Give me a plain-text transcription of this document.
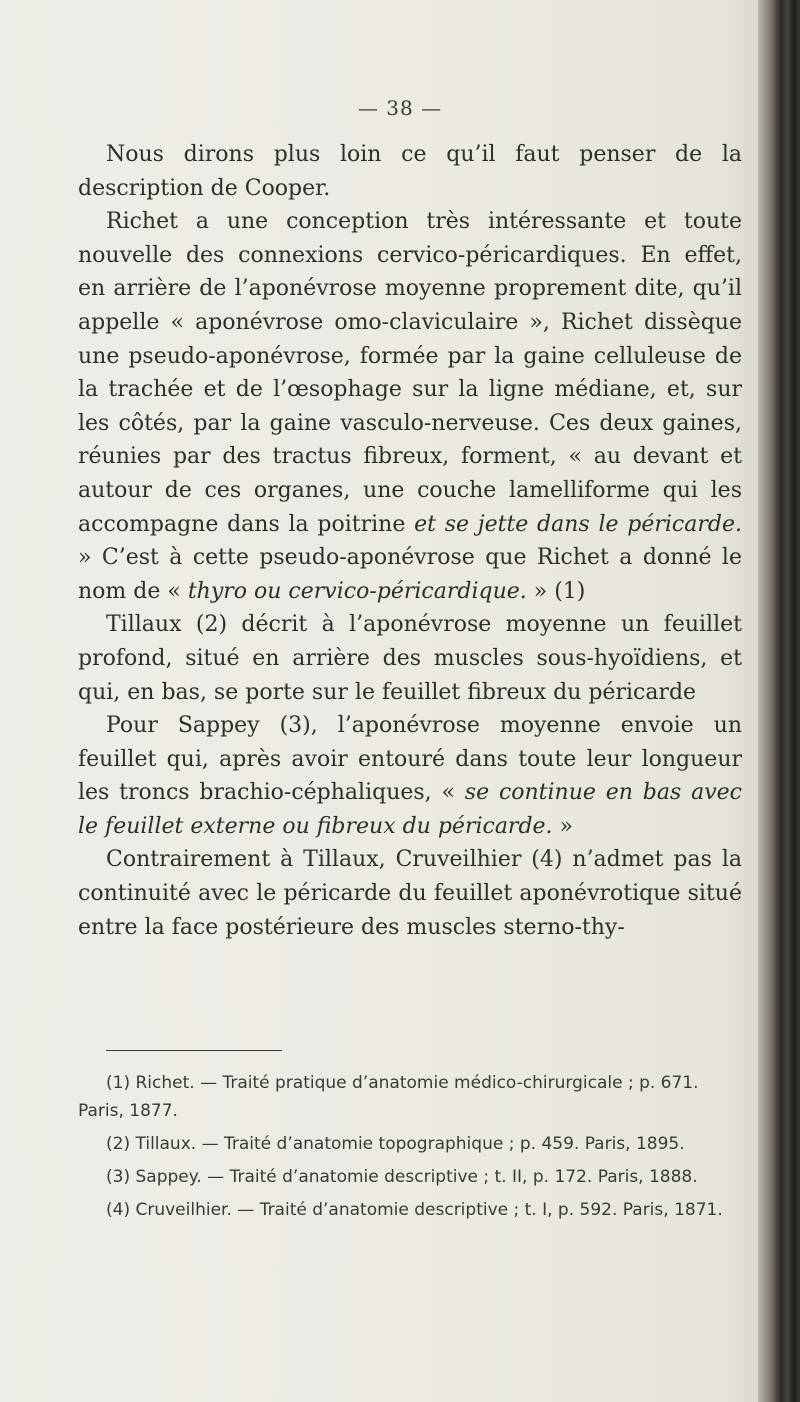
— 38 —

Nous dirons plus loin ce qu’il faut penser de la description de Cooper.

Richet a une conception très intéressante et toute nouvelle des connexions cervico-péricardiques. En effet, en arrière de l’aponévrose moyenne proprement dite, qu’il appelle « aponévrose omo-claviculaire », Richet dissèque une pseudo-aponévrose, formée par la gaine celluleuse de la trachée et de l’œsophage sur la ligne médiane, et, sur les côtés, par la gaine vasculo-nerveuse. Ces deux gaines, réunies par des tractus fibreux, forment, « au devant et autour de ces organes, une couche lamelliforme qui les accompagne dans la poitrine et se jette dans le péricarde. » C’est à cette pseudo-aponévrose que Richet a donné le nom de « thyro ou cervico-péricardique. » (1)

Tillaux (2) décrit à l’aponévrose moyenne un feuillet profond, situé en arrière des muscles sous-hyoïdiens, et qui, en bas, se porte sur le feuillet fibreux du péricarde

Pour Sappey (3), l’aponévrose moyenne envoie un feuillet qui, après avoir entouré dans toute leur longueur les troncs brachio-céphaliques, « se continue en bas avec le feuillet externe ou fibreux du péricarde. »

Contrairement à Tillaux, Cruveilhier (4) n’admet pas la continuité avec le péricarde du feuillet aponévrotique situé entre la face postérieure des muscles sterno-thy-

(1) Richet. — Traité pratique d’anatomie médico-chirurgicale ; p. 671. Paris, 1877.

(2) Tillaux. — Traité d’anatomie topographique ; p. 459. Paris, 1895.

(3) Sappey. — Traité d’anatomie descriptive ; t. II, p. 172. Paris, 1888.

(4) Cruveilhier. — Traité d’anatomie descriptive ; t. I, p. 592. Paris, 1871.
